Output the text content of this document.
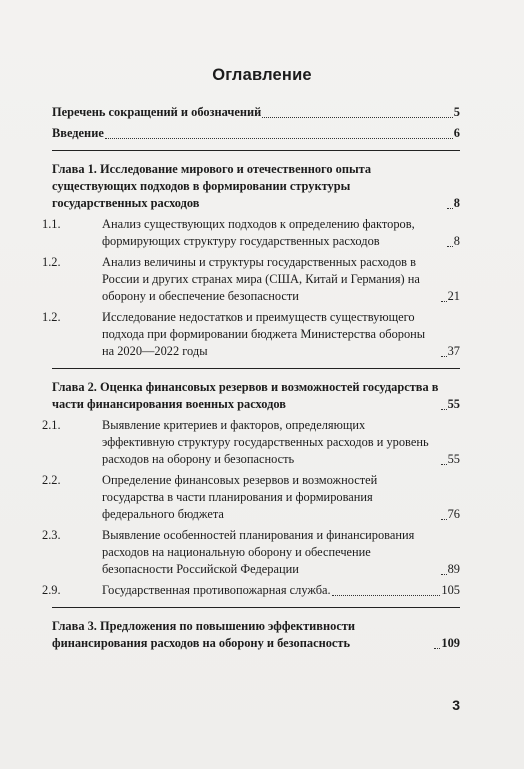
Оглавление
Перечень сокращений и обозначений	5
Введение	6
Глава 1. Исследование мирового и отечественного опыта существующих подходов в формировании структуры государственных расходов	8
1.1.	Анализ существующих подходов к определению факторов, формирующих структуру государственных расходов	8
1.2.	Анализ величины и структуры государственных расходов в России и других странах мира (США, Китай и Германия) на оборону и обеспечение безопасности	21
1.2.	Исследование недостатков и преимуществ существующего подхода при формировании бюджета Министерства обороны на 2020—2022 годы	37
Глава 2. Оценка финансовых резервов и возможностей государства в части финансирования военных расходов	55
2.1.	Выявление критериев и факторов, определяющих эффективную структуру государственных расходов и уровень расходов на оборону и безопасность	55
2.2.	Определение финансовых резервов и возможностей государства в части планирования и формирования федерального бюджета	76
2.3.	Выявление особенностей планирования и финансирования расходов на национальную оборону и обеспечение безопасности Российской Федерации	89
2.9.	Государственная противопожарная служба.	105
Глава 3. Предложения по повышению эффективности финансирования расходов на оборону и безопасность	109
3
